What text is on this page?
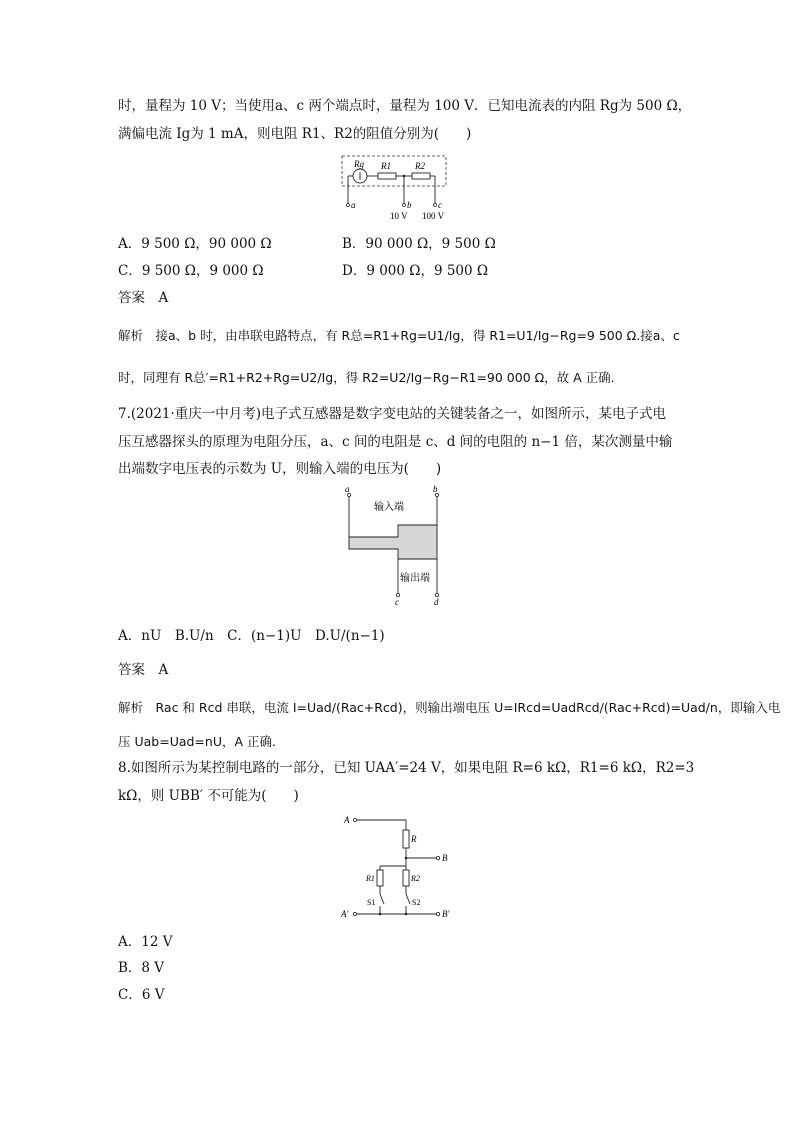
时，量程为 10 V；当使用a、c 两个端点时，量程为 100 V．已知电流表的内阻 Rg为 500 Ω，
满偏电流 Ig为 1 mA，则电阻 R1、R2的阻值分别为(　　)
Rg R1	R2
a	b	c
10 V 100 V
A．9 500 Ω，90 000 Ω	B．90 000 Ω，9 500 Ω
C．9 500 Ω，9 000 Ω	D．9 000 Ω，9 500 Ω
答案　A
解析　接a、b 时，由串联电路特点，有 R总=R1+Rg=U1/Ig，得 R1=U1/Ig−Rg=9 500 Ω.接a、c
时，同理有 R总′=R1+R2+Rg=U2/Ig，得 R2=U2/Ig−Rg−R1=90 000 Ω，故 A 正确.
7.(2021·重庆一中月考)电子式互感器是数字变电站的关键装备之一，如图所示，某电子式电
压互感器探头的原理为电阻分压，a、c 间的电阻是 c、d 间的电阻的 n−1 倍，某次测量中输
出端数字电压表的示数为 U，则输入端的电压为(　　)
a	b
c	d
输入端
输出端
A．nU　B.U/n　C．(n−1)U　D.U/(n−1)
答案　A
解析　Rac 和 Rcd 串联，电流 I=Uad/(Rac+Rcd)，则输出端电压 U=IRcd=UadRcd/(Rac+Rcd)=Uad/n，即输入电
压 Uab=Uad=nU，A 正确.
8.如图所示为某控制电路的一部分，已知 UAA′=24 V，如果电阻 R=6 kΩ，R1=6 kΩ，R2=3
kΩ，则 UBB′ 不可能为(　　)
A
A′
B
B′
R
R1	R2
S1	S2
A．12 V
B．8 V
C．6 V
